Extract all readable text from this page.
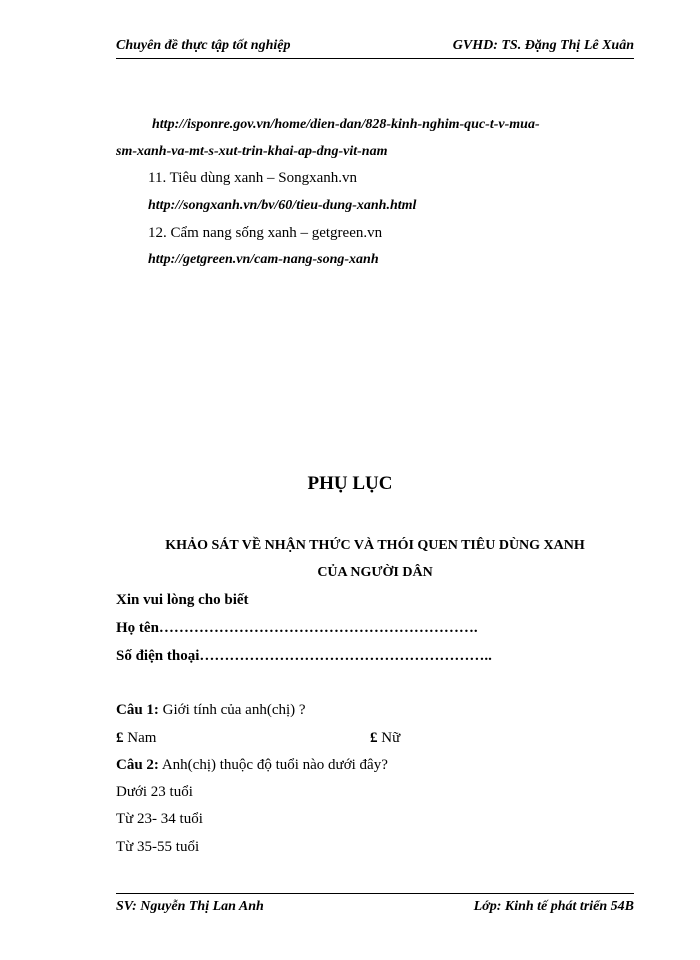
Chuyên đề thực tập tốt nghiệp	GVHD: TS. Đặng Thị Lê Xuân
http://isponre.gov.vn/home/dien-dan/828-kinh-nghim-quc-t-v-mua-
sm-xanh-va-mt-s-xut-trin-khai-ap-dng-vit-nam
11. Tiêu dùng xanh – Songxanh.vn
http://songxanh.vn/bv/60/tieu-dung-xanh.html
12. Cẩm nang sống xanh – getgreen.vn
http://getgreen.vn/cam-nang-song-xanh
PHỤ LỤC
KHẢO SÁT VỀ NHẬN THỨC VÀ THÓI QUEN TIÊU DÙNG XANH
CỦA NGƯỜI DÂN
Xin vui lòng cho biết
Họ tên……………………………………………………….
Số điện thoại…………………………………………………..
Câu 1: Giới tính của anh(chị) ?
£ Nam	£ Nữ
Câu 2: Anh(chị) thuộc độ tuổi nào dưới đây?
Dưới 23 tuổi
Từ 23- 34 tuổi
Từ 35-55 tuổi
SV: Nguyễn Thị Lan Anh	Lớp: Kinh tế phát triển 54B
